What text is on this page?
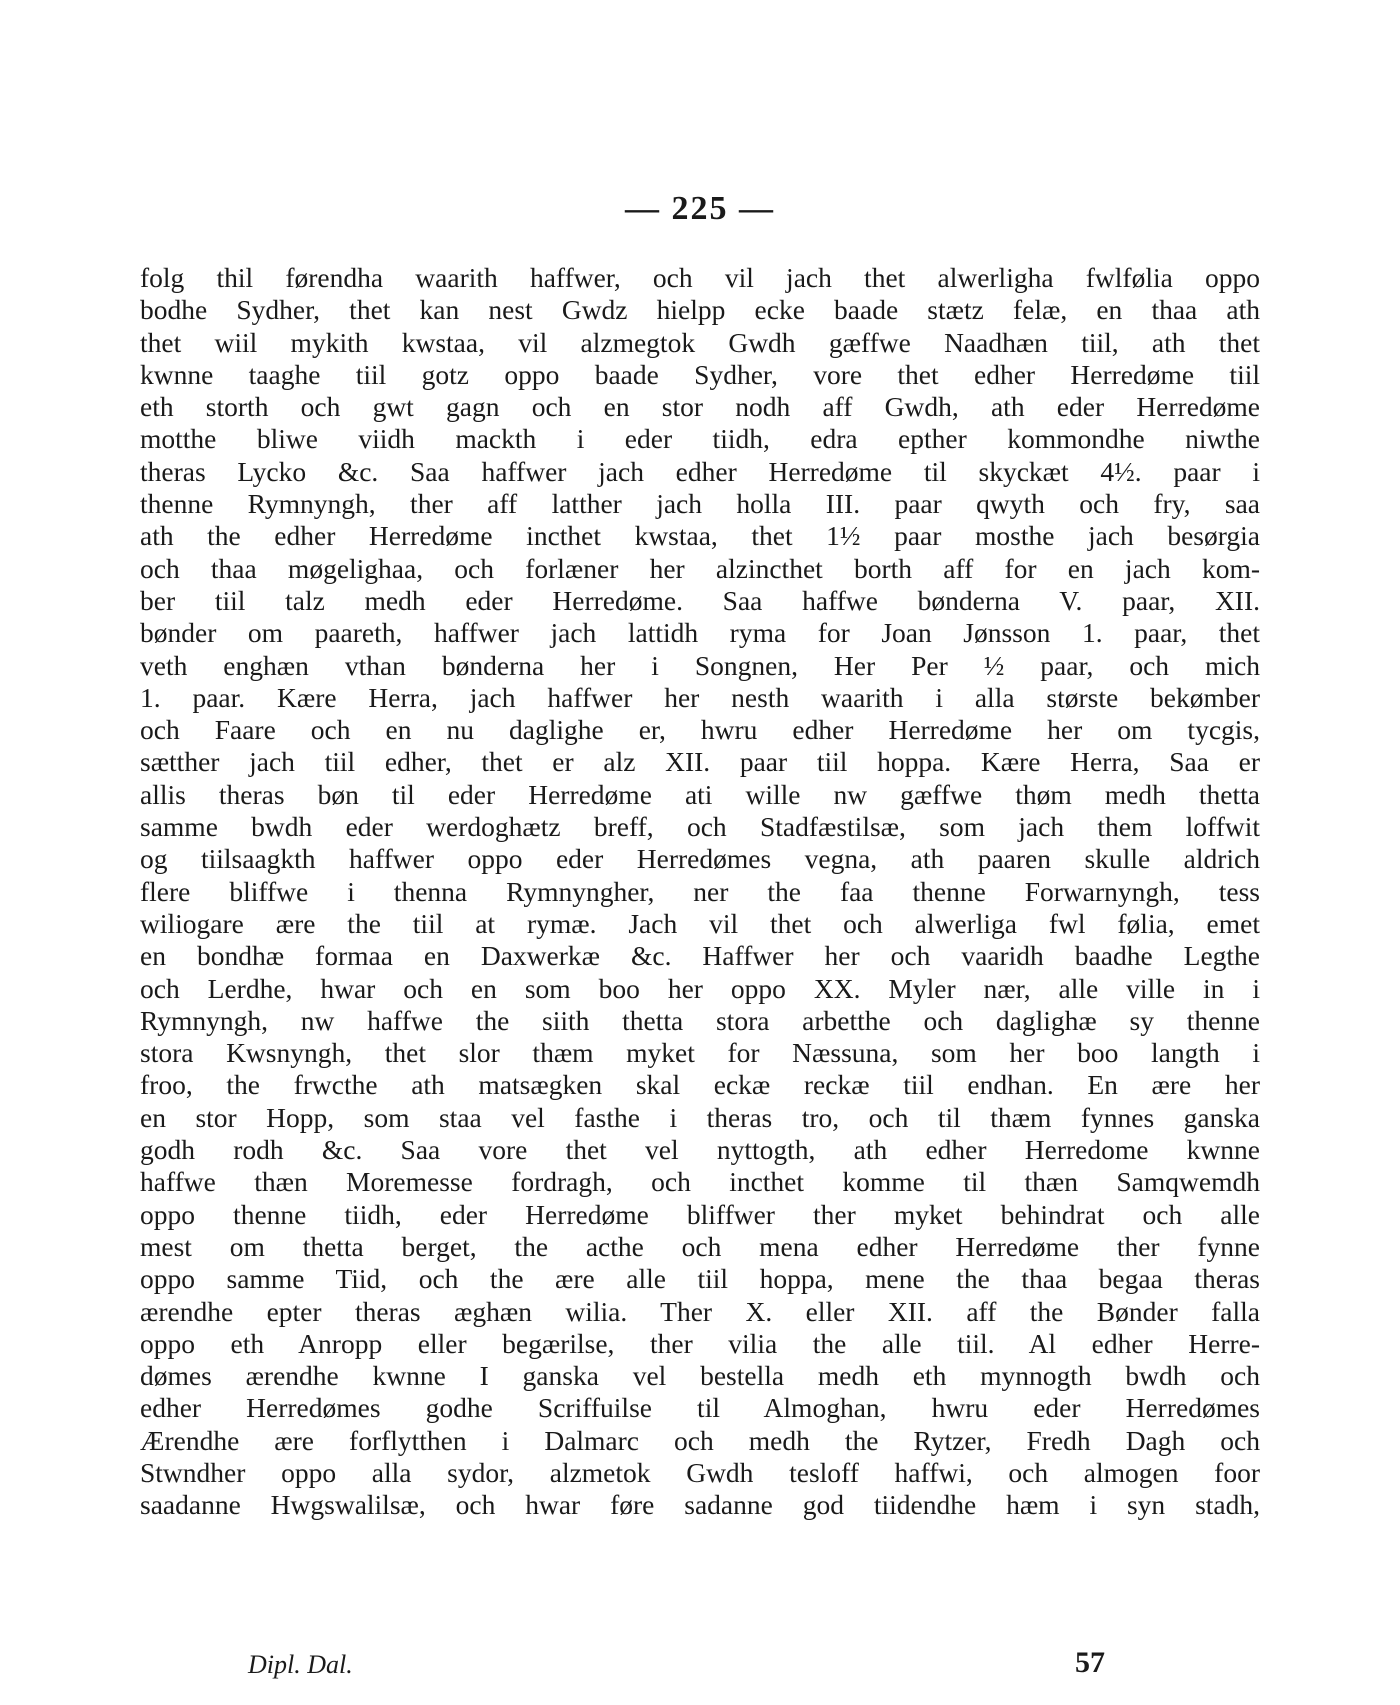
— 225 —
folg thil førendha waarith haffwer, och vil jach thet alwerligha fwlfølia oppo
bodhe Sydher, thet kan nest Gwdz hielpp ecke baade stætz felæ, en thaa ath
thet wiil mykith kwstaa, vil alzmegtok Gwdh gæffwe Naadhæn tiil, ath thet
kwnne taaghe tiil gotz oppo baade Sydher, vore thet edher Herredøme tiil
eth storth och gwt gagn och en stor nodh aff Gwdh, ath eder Herredøme
motthe bliwe viidh mackth i eder tiidh, edra epther kommondhe niwthe
theras Lycko &c. Saa haffwer jach edher Herredøme til skyckæt 4½. paar i
thenne Rymnyngh, ther aff latther jach holla III. paar qwyth och fry, saa
ath the edher Herredøme incthet kwstaa, thet 1½ paar mosthe jach besørgia
och thaa møgelighaa, och forlæner her alzincthet borth aff for en jach kom-
ber tiil talz medh eder Herredøme. Saa haffwe bønderna V. paar, XII.
bønder om paareth, haffwer jach lattidh ryma for Joan Jønsson 1. paar, thet
veth enghæn vthan bønderna her i Songnen, Her Per ½ paar, och mich
1. paar. Kære Herra, jach haffwer her nesth waarith i alla største bekømber
och Faare och en nu daglighe er, hwru edher Herredøme her om tycgis,
sætther jach tiil edher, thet er alz XII. paar tiil hoppa. Kære Herra, Saa er
allis theras bøn til eder Herredøme ati wille nw gæffwe thøm medh thetta
samme bwdh eder werdoghætz breff, och Stadfæstilsæ, som jach them loffwit
og tiilsaagkth haffwer oppo eder Herredømes vegna, ath paaren skulle aldrich
flere bliffwe i thenna Rymnyngher, ner the faa thenne Forwarnyngh, tess
wiliogare ære the tiil at rymæ. Jach vil thet och alwerliga fwl følia, emet
en bondhæ formaa en Daxwerkæ &c. Haffwer her och vaaridh baadhe Legthe
och Lerdhe, hwar och en som boo her oppo XX. Myler nær, alle ville in i
Rymnyngh, nw haffwe the siith thetta stora arbetthe och daglighæ sy thenne
stora Kwsnyngh, thet slor thæm myket for Næssuna, som her boo langth i
froo, the frwcthe ath matsægken skal eckæ reckæ tiil endhan. En ære her
en stor Hopp, som staa vel fasthe i theras tro, och til thæm fynnes ganska
godh rodh &c. Saa vore thet vel nyttogth, ath edher Herredome kwnne
haffwe thæn Moremesse fordragh, och incthet komme til thæn Samqwemdh
oppo thenne tiidh, eder Herredøme bliffwer ther myket behindrat och alle
mest om thetta berget, the acthe och mena edher Herredøme ther fynne
oppo samme Tiid, och the ære alle tiil hoppa, mene the thaa begaa theras
ærendhe epter theras æghæn wilia. Ther X. eller XII. aff the Bønder falla
oppo eth Anropp eller begærilse, ther vilia the alle tiil. Al edher Herre-
dømes ærendhe kwnne I ganska vel bestella medh eth mynnogth bwdh och
edher Herredømes godhe Scriffuilse til Almoghan, hwru eder Herredømes
Ærendhe ære forflytthen i Dalmarc och medh the Rytzer, Fredh Dagh och
Stwndher oppo alla sydor, alzmetok Gwdh tesloff haffwi, och almogen foor
saadanne Hwgswalilsæ, och hwar føre sadanne god tiidendhe hæm i syn stadh,
Dipl. Dal.	57
